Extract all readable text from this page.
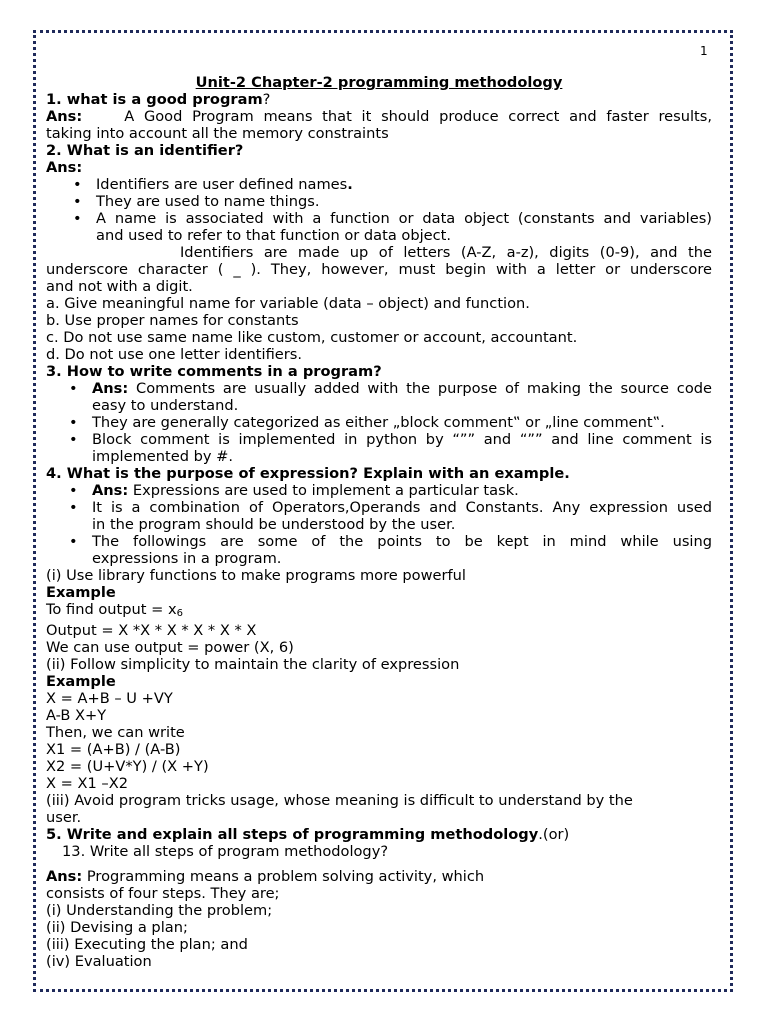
1

Unit-2 Chapter-2 programming methodology

1. what is a good program?

Ans:	A Good Program means that it should produce correct and faster results,

taking into account all the memory constraints

2. What is an identifier?

Ans:

• Identifiers are user defined names.

• They are used to name things.

• A name is associated with a function or data object (constants and variables)

and used to refer to that function or data object.

Identifiers are made up of letters (A-Z, a-z), digits (0-9), and the

underscore character ( _ ). They, however, must begin with a letter or underscore

and not with a digit.

a. Give meaningful name for variable (data – object) and function.

b. Use proper names for constants

c. Do not use same name like custom, customer or account, accountant.

d. Do not use one letter identifiers.

3. How to write comments in a program?

• Ans: Comments are usually added with the purpose of making the source code

easy to understand.

• They are generally categorized as either „block comment‟ or „line comment‟.

• Block comment is implemented in python by “”” and “”” and line comment is

implemented by #.

4. What is the purpose of expression? Explain with an example.

• Ans: Expressions are used to implement a particular task.

• It is a combination of Operators,Operands and Constants. Any expression used

in the program should be understood by the user.

• The followings are some of the points to be kept in mind while using

expressions in a program.

(i) Use library functions to make programs more powerful

Example

To find output = $x_6$

Output = X *X * X * X * X * X

We can use output = power (X, 6)

(ii) Follow simplicity to maintain the clarity of expression

Example

X = A+B – U +VY

A-B X+Y

Then, we can write

X1 = (A+B) / (A-B)

X2 = (U+V*Y) / (X +Y)

X = X1 –X2

(iii) Avoid program tricks usage, whose meaning is difficult to understand by the

user.

5. Write and explain all steps of programming methodology.(or)

13. Write all steps of program methodology?

Ans: Programming means a problem solving activity, which

consists of four steps. They are;

(i) Understanding the problem;

(ii) Devising a plan;

(iii) Executing the plan; and

(iv) Evaluation
